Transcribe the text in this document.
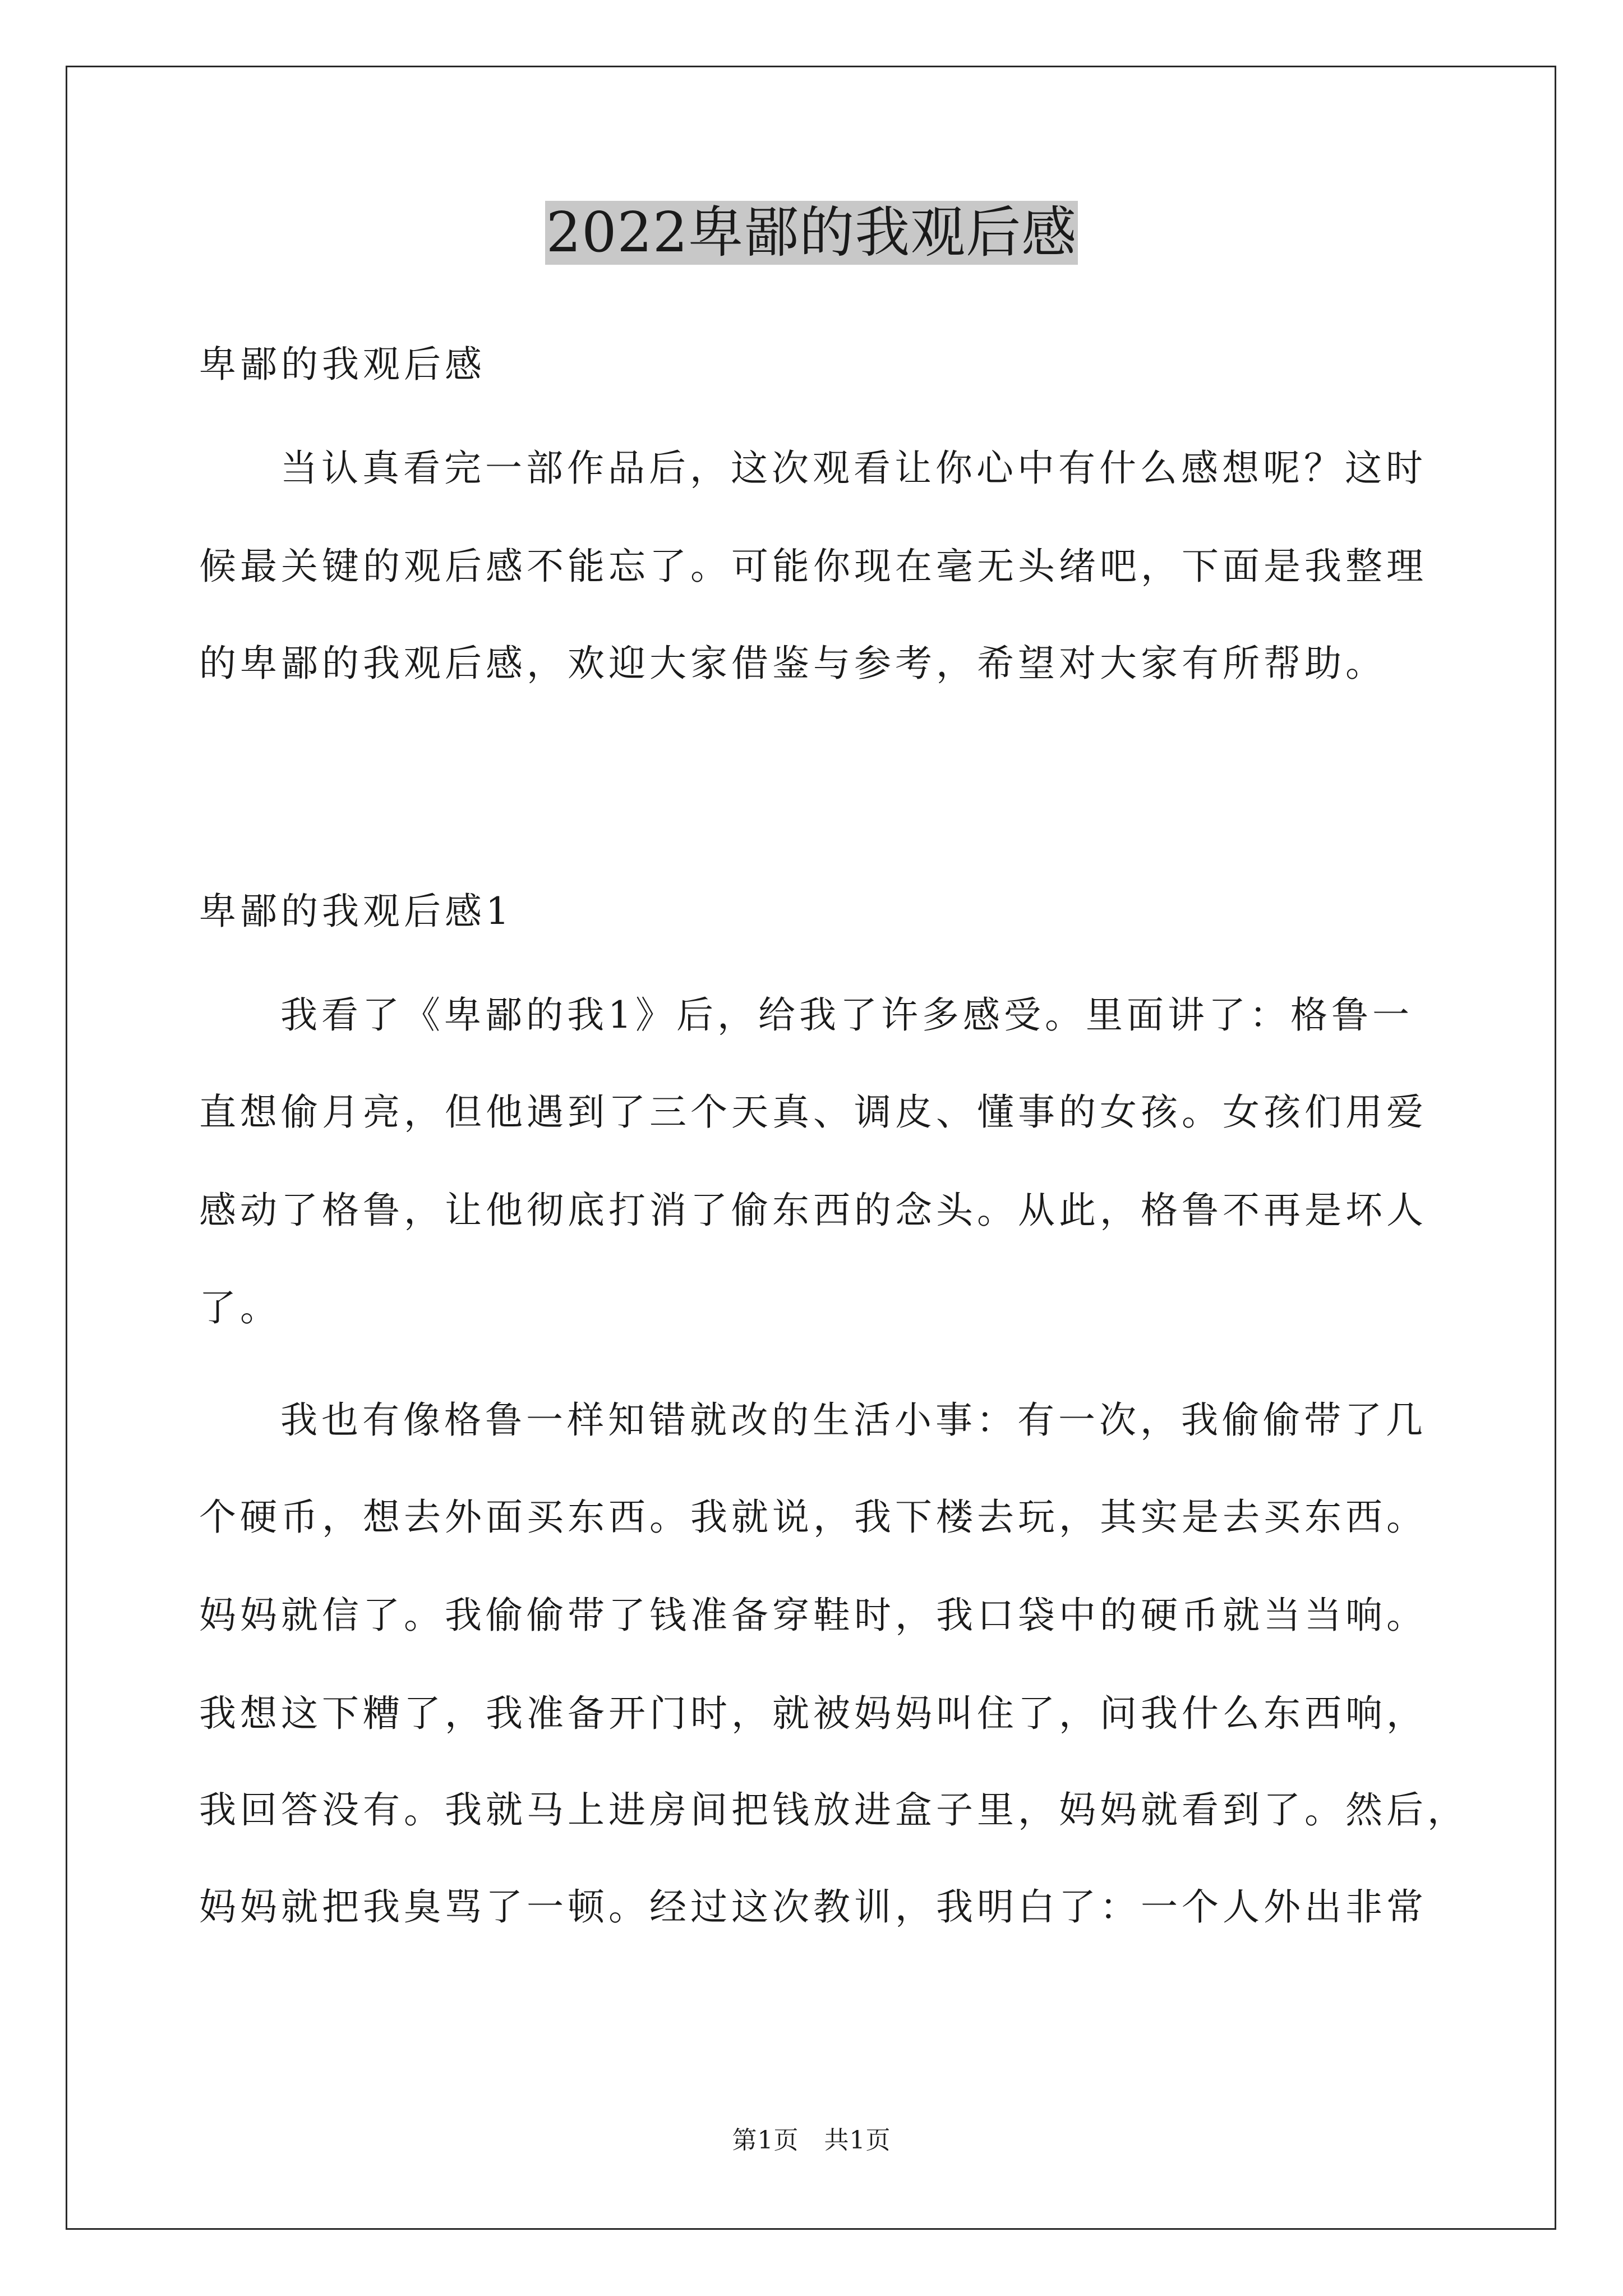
2022卑鄙的我观后感
卑鄙的我观后感
当认真看完一部作品后，这次观看让你心中有什么感想呢？这时
候最关键的观后感不能忘了。可能你现在毫无头绪吧，下面是我整理
的卑鄙的我观后感，欢迎大家借鉴与参考，希望对大家有所帮助。
卑鄙的我观后感1
我看了《卑鄙的我1》后，给我了许多感受。里面讲了：格鲁一
直想偷月亮，但他遇到了三个天真、调皮、懂事的女孩。女孩们用爱
感动了格鲁，让他彻底打消了偷东西的念头。从此，格鲁不再是坏人
了。
我也有像格鲁一样知错就改的生活小事：有一次，我偷偷带了几
个硬币，想去外面买东西。我就说，我下楼去玩，其实是去买东西。
妈妈就信了。我偷偷带了钱准备穿鞋时，我口袋中的硬币就当当响。
我想这下糟了，我准备开门时，就被妈妈叫住了，问我什么东西响，
我回答没有。我就马上进房间把钱放进盒子里，妈妈就看到了。然后，
妈妈就把我臭骂了一顿。经过这次教训，我明白了：一个人外出非常
第1页　共1页
